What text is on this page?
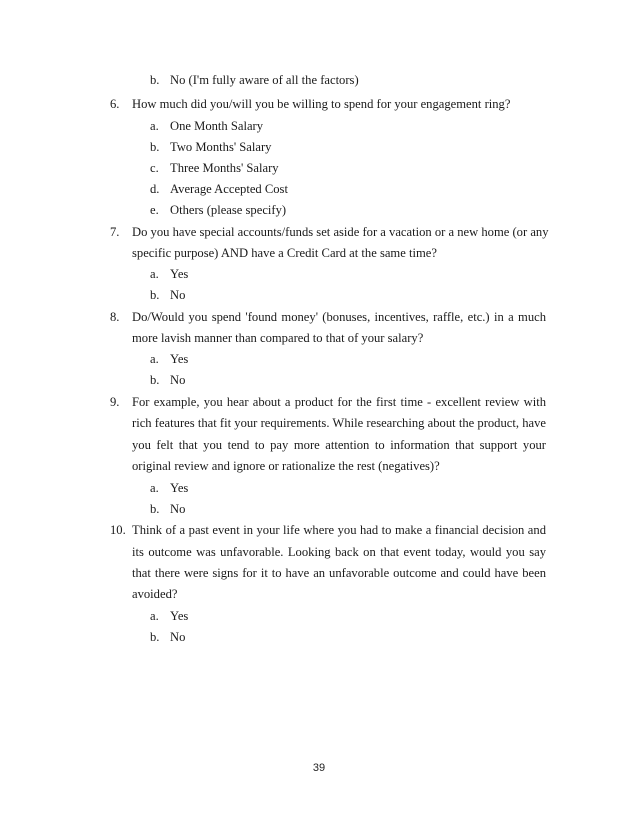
b. No (I'm fully aware of all the factors)
6. How much did you/will you be willing to spend for your engagement ring?
a. One Month Salary
b. Two Months' Salary
c. Three Months' Salary
d. Average Accepted Cost
e. Others (please specify)
7. Do you have special accounts/funds set aside for a vacation or a new home (or any
specific purpose) AND have a Credit Card at the same time?
a. Yes
b. No
8. Do/Would you spend 'found money' (bonuses, incentives, raffle, etc.) in a much
more lavish manner than compared to that of your salary?
a. Yes
b. No
9. For example, you hear about a product for the first time - excellent review with
rich features that fit your requirements. While researching about the product, have
you felt that you tend to pay more attention to information that support your
original review and ignore or rationalize the rest (negatives)?
a. Yes
b. No
10. Think of a past event in your life where you had to make a financial decision and
its outcome was unfavorable. Looking back on that event today, would you say
that there were signs for it to have an unfavorable outcome and could have been
avoided?
a. Yes
b. No
39
